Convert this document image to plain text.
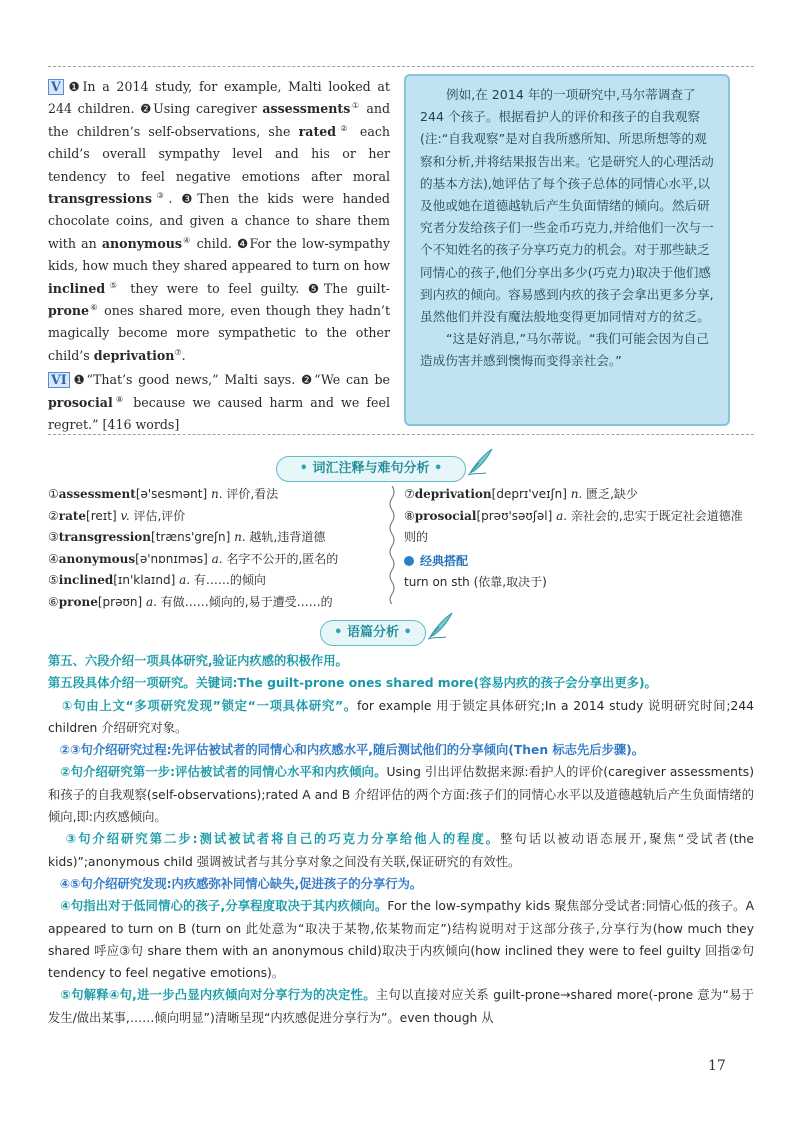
V ❶In a 2014 study, for example, Malti looked at 244 children. ❷Using caregiver assessments① and the children’s self-observations, she rated② each child’s overall sympathy level and his or her tendency to feel negative emotions after moral transgressions③. ❸Then the kids were handed chocolate coins, and given a chance to share them with an anonymous④ child. ❹For the low-sympathy kids, how much they shared appeared to turn on how inclined⑤ they were to feel guilty. ❺The guilt-prone⑥ ones shared more, even though they hadn’t magically become more sympathetic to the other child’s deprivation⑦.

VI ❶“That’s good news,” Malti says. ❷“We can be prosocial⑧ because we caused harm and we feel regret.” [416 words]

例如,在 2014 年的一项研究中,马尔蒂调查了 244 个孩子。根据看护人的评价和孩子的自我观察(注:“自我观察”是对自我所感所知、所思所想等的观察和分析,并将结果报告出来。它是研究人的心理活动的基本方法),她评估了每个孩子总体的同情心水平,以及他或她在道德越轨后产生负面情绪的倾向。然后研究者分发给孩子们一些金币巧克力,并给他们一次与一个不知姓名的孩子分享巧克力的机会。对于那些缺乏同情心的孩子,他们分享出多少(巧克力)取决于他们感到内疚的倾向。容易感到内疚的孩子会拿出更多分享,虽然他们并没有魔法般地变得更加同情对方的贫乏。

“这是好消息,”马尔蒂说。“我们可能会因为自己造成伤害并感到懊悔而变得亲社会。”

• 词汇注释与难句分析 •
①assessment[ə'sesmənt] n. 评价,看法
②rate[reɪt] v. 评估,评价
③transgression[træns'greʃn] n. 越轨,违背道德
④anonymous[ə'nɒnɪməs] a. 名字不公开的,匿名的
⑤inclined[ɪn'klaɪnd] a. 有……的倾向
⑥prone[prəʊn] a. 有做……倾向的,易于遭受……的
⑦deprivation[deprɪ'veɪʃn] n. 匮乏,缺少
⑧prosocial[prəʊ'səʊʃəl] a. 亲社会的,忠实于既定社会道德准则的
经典搭配
turn on sth (依靠,取决于)
• 语篇分析 •

第五、六段介绍一项具体研究,验证内疚感的积极作用。

第五段具体介绍一项研究。关键词:The guilt-prone ones shared more(容易内疚的孩子会分享出更多)。

①句由上文“多项研究发现”锁定“一项具体研究”。for example 用于锁定具体研究;In a 2014 study 说明研究时间;244 children 介绍研究对象。

②③句介绍研究过程:先评估被试者的同情心和内疚感水平,随后测试他们的分享倾向(Then 标志先后步骤)。

②句介绍研究第一步:评估被试者的同情心水平和内疚倾向。Using 引出评估数据来源:看护人的评价(caregiver assessments)和孩子的自我观察(self-observations);rated A and B 介绍评估的两个方面:孩子们的同情心水平以及道德越轨后产生负面情绪的倾向,即:内疚感倾向。

③句介绍研究第二步:测试被试者将自己的巧克力分享给他人的程度。整句话以被动语态展开,聚焦“受试者(the kids)”;anonymous child 强调被试者与其分享对象之间没有关联,保证研究的有效性。

④⑤句介绍研究发现:内疚感弥补同情心缺失,促进孩子的分享行为。

④句指出对于低同情心的孩子,分享程度取决于其内疚倾向。For the low-sympathy kids 聚焦部分受试者:同情心低的孩子。A appeared to turn on B (turn on 此处意为“取决于某物,依某物而定”)结构说明对于这部分孩子,分享行为(how much they shared 呼应③句 share them with an anonymous child)取决于内疚倾向(how inclined they were to feel guilty 回指②句 tendency to feel negative emotions)。

⑤句解释④句,进一步凸显内疚倾向对分享行为的决定性。主句以直接对应关系 guilt-prone→shared more(-prone 意为“易于发生/做出某事,……倾向明显”)清晰呈现“内疚感促进分享行为”。even though 从

17
